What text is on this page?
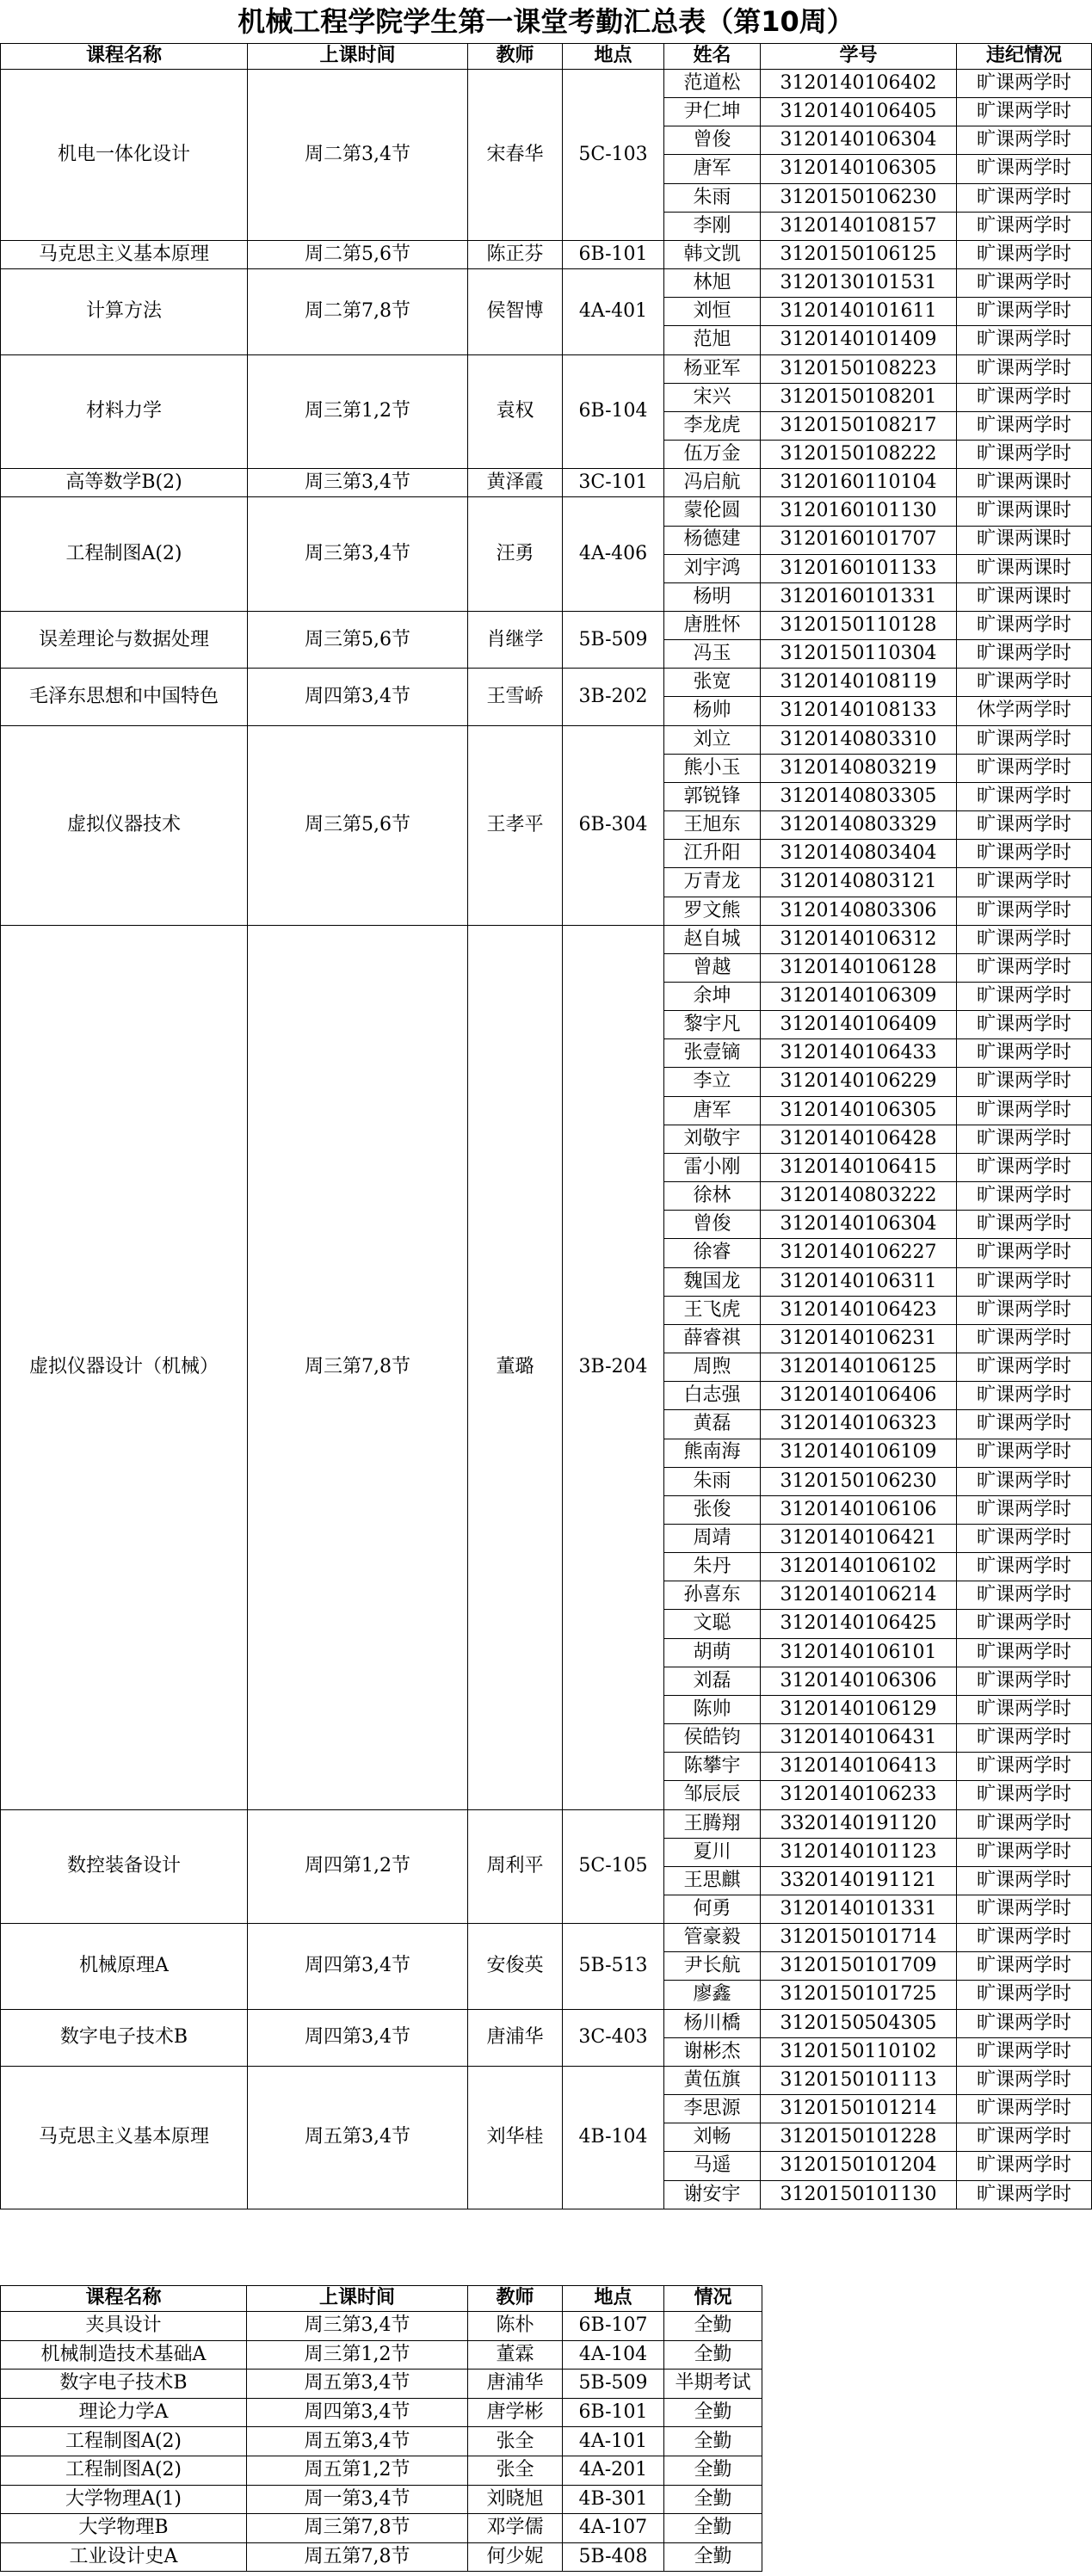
机械工程学院学生第一课堂考勤汇总表（第10周）
课程名称	上课时间	教师	地点	姓名	学号	违纪情况
机电一体化设计	周二第3,4节	宋春华	5C-103	范道松	3120140106402	旷课两学时
				尹仁坤	3120140106405	旷课两学时
				曾俊	3120140106304	旷课两学时
				唐军	3120140106305	旷课两学时
				朱雨	3120150106230	旷课两学时
				李刚	3120140108157	旷课两学时
马克思主义基本原理	周二第5,6节	陈正芬	6B-101	韩文凯	3120150106125	旷课两学时
计算方法	周二第7,8节	侯智博	4A-401	林旭	3120130101531	旷课两学时
				刘恒	3120140101611	旷课两学时
				范旭	3120140101409	旷课两学时
材料力学	周三第1,2节	袁权	6B-104	杨亚军	3120150108223	旷课两学时
				宋兴	3120150108201	旷课两学时
				李龙虎	3120150108217	旷课两学时
				伍万金	3120150108222	旷课两学时
高等数学B(2)	周三第3,4节	黄泽霞	3C-101	冯启航	3120160110104	旷课两课时
工程制图A(2)	周三第3,4节	汪勇	4A-406	蒙伦圆	3120160101130	旷课两课时
				杨德建	3120160101707	旷课两课时
				刘宇鸿	3120160101133	旷课两课时
				杨明	3120160101331	旷课两课时
误差理论与数据处理	周三第5,6节	肖继学	5B-509	唐胜怀	3120150110128	旷课两学时
				冯玉	3120150110304	旷课两学时
毛泽东思想和中国特色	周四第3,4节	王雪峤	3B-202	张宽	3120140108119	旷课两学时
				杨帅	3120140108133	休学两学时
虚拟仪器技术	周三第5,6节	王孝平	6B-304	刘立	3120140803310	旷课两学时
				熊小玉	3120140803219	旷课两学时
				郭锐锋	3120140803305	旷课两学时
				王旭东	3120140803329	旷课两学时
				江升阳	3120140803404	旷课两学时
				万青龙	3120140803121	旷课两学时
				罗文熊	3120140803306	旷课两学时
虚拟仪器设计（机械）	周三第7,8节	董璐	3B-204	赵自城	3120140106312	旷课两学时
				曾越	3120140106128	旷课两学时
				余坤	3120140106309	旷课两学时
				黎宇凡	3120140106409	旷课两学时
				张壹镝	3120140106433	旷课两学时
				李立	3120140106229	旷课两学时
				唐军	3120140106305	旷课两学时
				刘敬宇	3120140106428	旷课两学时
				雷小刚	3120140106415	旷课两学时
				徐林	3120140803222	旷课两学时
				曾俊	3120140106304	旷课两学时
				徐睿	3120140106227	旷课两学时
				魏国龙	3120140106311	旷课两学时
				王飞虎	3120140106423	旷课两学时
				薛睿祺	3120140106231	旷课两学时
				周煦	3120140106125	旷课两学时
				白志强	3120140106406	旷课两学时
				黄磊	3120140106323	旷课两学时
				熊南海	3120140106109	旷课两学时
				朱雨	3120150106230	旷课两学时
				张俊	3120140106106	旷课两学时
				周靖	3120140106421	旷课两学时
				朱丹	3120140106102	旷课两学时
				孙喜东	3120140106214	旷课两学时
				文聪	3120140106425	旷课两学时
				胡萌	3120140106101	旷课两学时
				刘磊	3120140106306	旷课两学时
				陈帅	3120140106129	旷课两学时
				侯皓钧	3120140106431	旷课两学时
				陈攀宇	3120140106413	旷课两学时
				邹辰辰	3120140106233	旷课两学时
数控装备设计	周四第1,2节	周利平	5C-105	王腾翔	3320140191120	旷课两学时
				夏川	3120140101123	旷课两学时
				王思麒	3320140191121	旷课两学时
				何勇	3120140101331	旷课两学时
机械原理A	周四第3,4节	安俊英	5B-513	管豪毅	3120150101714	旷课两学时
				尹长航	3120150101709	旷课两学时
				廖鑫	3120150101725	旷课两学时
数字电子技术B	周四第3,4节	唐浦华	3C-403	杨川橋	3120150504305	旷课两学时
				谢彬杰	3120150110102	旷课两学时
马克思主义基本原理	周五第3,4节	刘华桂	4B-104	黄伍旗	3120150101113	旷课两学时
				李思源	3120150101214	旷课两学时
				刘畅	3120150101228	旷课两学时
				马遥	3120150101204	旷课两学时
				谢安宇	3120150101130	旷课两学时
课程名称	上课时间	教师	地点	情况
夹具设计	周三第3,4节	陈朴	6B-107	全勤
机械制造技术基础A	周三第1,2节	董霖	4A-104	全勤
数字电子技术B	周五第3,4节	唐浦华	5B-509	半期考试
理论力学A	周四第3,4节	唐学彬	6B-101	全勤
工程制图A(2)	周五第3,4节	张全	4A-101	全勤
工程制图A(2)	周五第1,2节	张全	4A-201	全勤
大学物理A(1)	周一第3,4节	刘晓旭	4B-301	全勤
大学物理B	周三第7,8节	邓学儒	4A-107	全勤
工业设计史A	周五第7,8节	何少妮	5B-408	全勤
